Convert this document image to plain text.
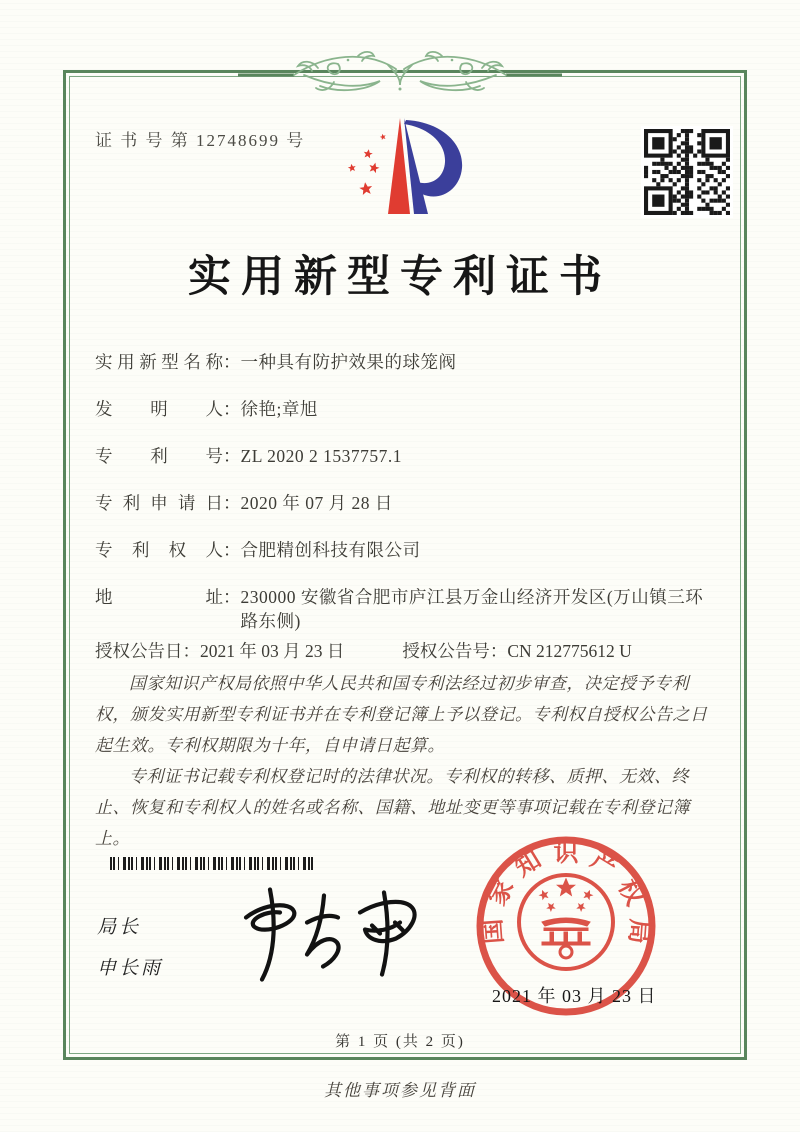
证 书 号 第 12748699 号
实用新型专利证书
实用新型名称 ： 一种具有防护效果的球笼阀
发明人 ： 徐艳;章旭
专利号 ： ZL 2020 2 1537757.1
专利申请日 ： 2020 年 07 月 28 日
专利权人 ： 合肥精创科技有限公司
地址 ： 230000 安徽省合肥市庐江县万金山经济开发区(万山镇三环路东侧)
授权公告日 ： 2021 年 03 月 23 日	授权公告号 ： CN 212775612 U

国家知识产权局依照中华人民共和国专利法经过初步审查，决定授予专利权，颁发实用新型专利证书并在专利登记簿上予以登记。专利权自授权公告之日起生效。专利权期限为十年，自申请日起算。

专利证书记载专利权登记时的法律状况。专利权的转移、质押、无效、终止、恢复和专利权人的姓名或名称、国籍、地址变更等事项记载在专利登记簿上。

局长
申长雨
国家知识产权局
2021 年 03 月 23 日
第 1 页 (共 2 页)
其他事项参见背面
